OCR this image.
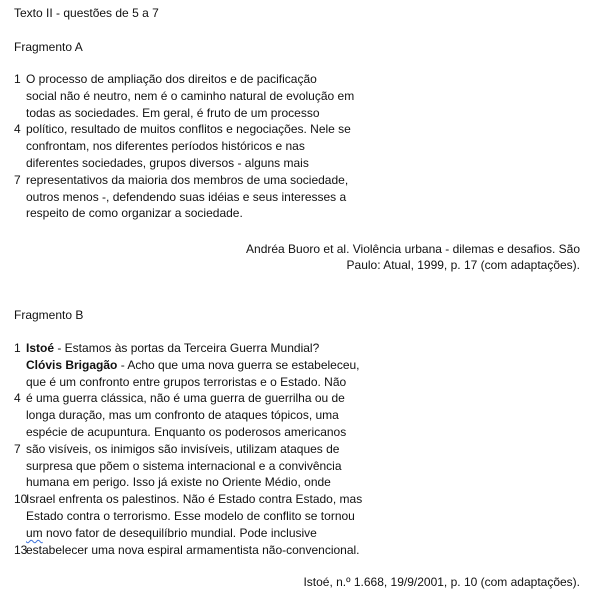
Texto II - questões de 5 a 7
Fragmento A
1 O processo de ampliação dos direitos e de pacificação
social não é neutro, nem é o caminho natural de evolução em
todas as sociedades. Em geral, é fruto de um processo
4 político, resultado de muitos conflitos e negociações. Nele se
confrontam, nos diferentes períodos históricos e nas
diferentes sociedades, grupos diversos - alguns mais
7 representativos da maioria dos membros de uma sociedade,
outros menos -, defendendo suas idéias e seus interesses a
respeito de como organizar a sociedade.
Andréa Buoro et al. Violência urbana - dilemas e desafios. São
Paulo: Atual, 1999, p. 17 (com adaptações).
Fragmento B
1 Istoé - Estamos às portas da Terceira Guerra Mundial?
Clóvis Brigagão - Acho que uma nova guerra se estabeleceu,
que é um confronto entre grupos terroristas e o Estado. Não
4 é uma guerra clássica, não é uma guerra de guerrilha ou de
longa duração, mas um confronto de ataques tópicos, uma
espécie de acupuntura. Enquanto os poderosos americanos
7 são visíveis, os inimigos são invisíveis, utilizam ataques de
surpresa que põem o sistema internacional e a convivência
humana em perigo. Isso já existe no Oriente Médio, onde
10
Israel enfrenta os palestinos. Não é Estado contra Estado, mas
Estado contra o terrorismo. Esse modelo de conflito se tornou
um novo fator de desequilíbrio mundial. Pode inclusive
13
estabelecer uma nova espiral armamentista não-convencional.
Istoé, n.º 1.668, 19/9/2001, p. 10 (com adaptações).
